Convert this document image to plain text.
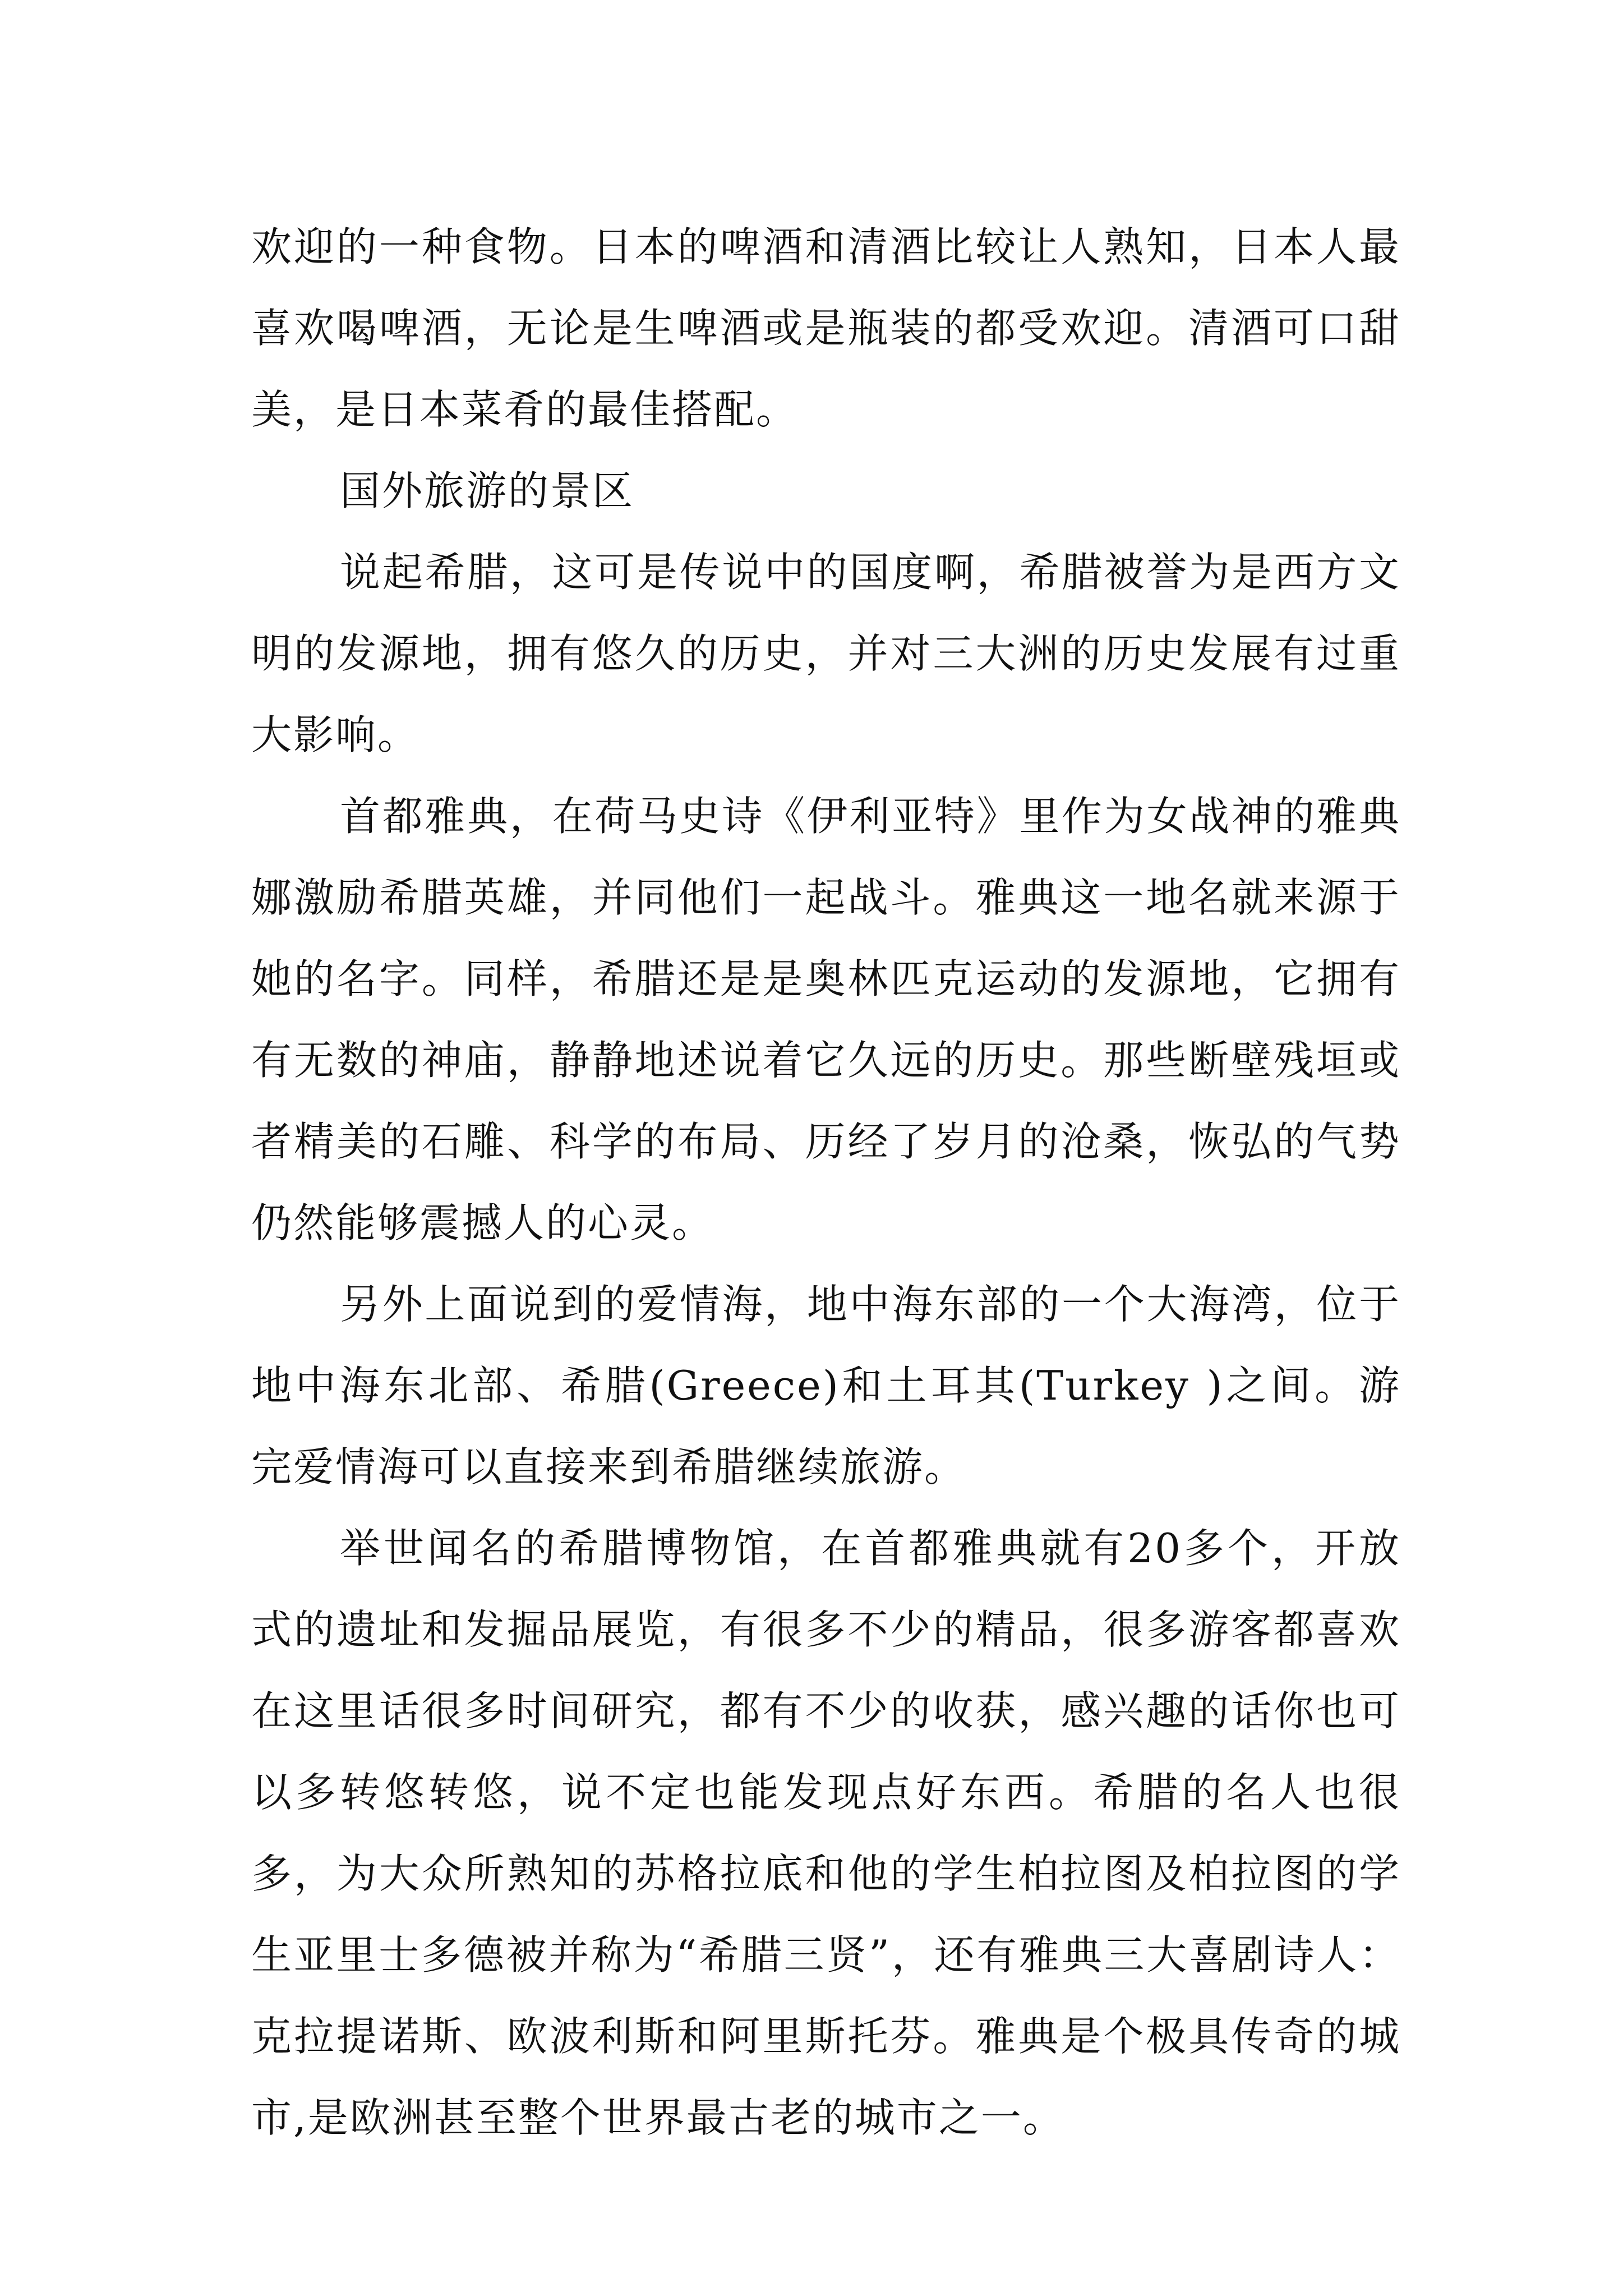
欢迎的一种食物。日本的啤酒和清酒比较让人熟知，日本人最喜欢喝啤酒，无论是生啤酒或是瓶装的都受欢迎。清酒可口甜美，是日本菜肴的最佳搭配。

国外旅游的景区

说起希腊，这可是传说中的国度啊，希腊被誉为是西方文明的发源地，拥有悠久的历史，并对三大洲的历史发展有过重大影响。

首都雅典，在荷马史诗《伊利亚特》里作为女战神的雅典娜激励希腊英雄，并同他们一起战斗。雅典这一地名就来源于她的名字。同样，希腊还是是奥林匹克运动的发源地，它拥有有无数的神庙，静静地述说着它久远的历史。那些断壁残垣或者精美的石雕、科学的布局、历经了岁月的沧桑，恢弘的气势仍然能够震撼人的心灵。

另外上面说到的爱情海，地中海东部的一个大海湾，位于地中海东北部、希腊(Greece)和土耳其(Turkey )之间。游完爱情海可以直接来到希腊继续旅游。

举世闻名的希腊博物馆，在首都雅典就有20多个，开放式的遗址和发掘品展览，有很多不少的精品，很多游客都喜欢在这里话很多时间研究，都有不少的收获，感兴趣的话你也可以多转悠转悠，说不定也能发现点好东西。希腊的名人也很多，为大众所熟知的苏格拉底和他的学生柏拉图及柏拉图的学生亚里士多德被并称为“希腊三贤”，还有雅典三大喜剧诗人：克拉提诺斯、欧波利斯和阿里斯托芬。雅典是个极具传奇的城市,是欧洲甚至整个世界最古老的城市之一。
